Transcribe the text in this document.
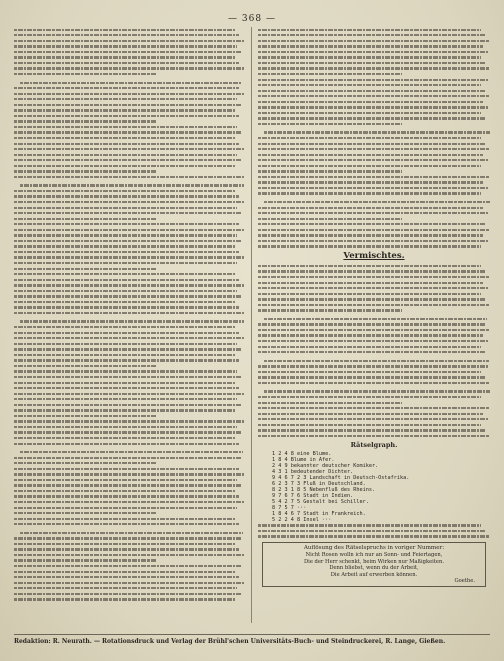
— 368 —
Vermischtes.
Rätselgraph.
1 2 4 8 eine Blume.
1 8 4 Blume in Afer.
2 4 9 bekannter deutscher Komiker.
4 3 1 bedeutender Dichter.
9 4 6 7 2 3 Landschaft in Deutsch-Ostafrika.
6 2 3 7 3 Fluß in Deutschland.
8 2 3 1 8 5 Nebenfluß des Rheins.
9 7 6 7 6 Stadt in Indien.
5 4 2 7 5 Gestalt bei Schiller.
8 7 5 7 ···
1 8 4 6 7 Stadt in Frankreich.
5 2 2 4 8 Insel ···
Auflösung des Rätselspruchs in voriger Nummer:
Nicht Rosen wolln ich nur an Sonn- und Feiertagen,
Die der Herr schenkt, beim Wirken nur Maßigkeiten.
Denn bliebst, wenn du der Arbeit,
Die Arbeit auf erwerben können.
Goethe.
Redaktion: R. Neurath. — Rotationsdruck und Verlag der Brühl'schen Universitäts-Buch- und Steindruckerei, R. Lange, Gießen.
